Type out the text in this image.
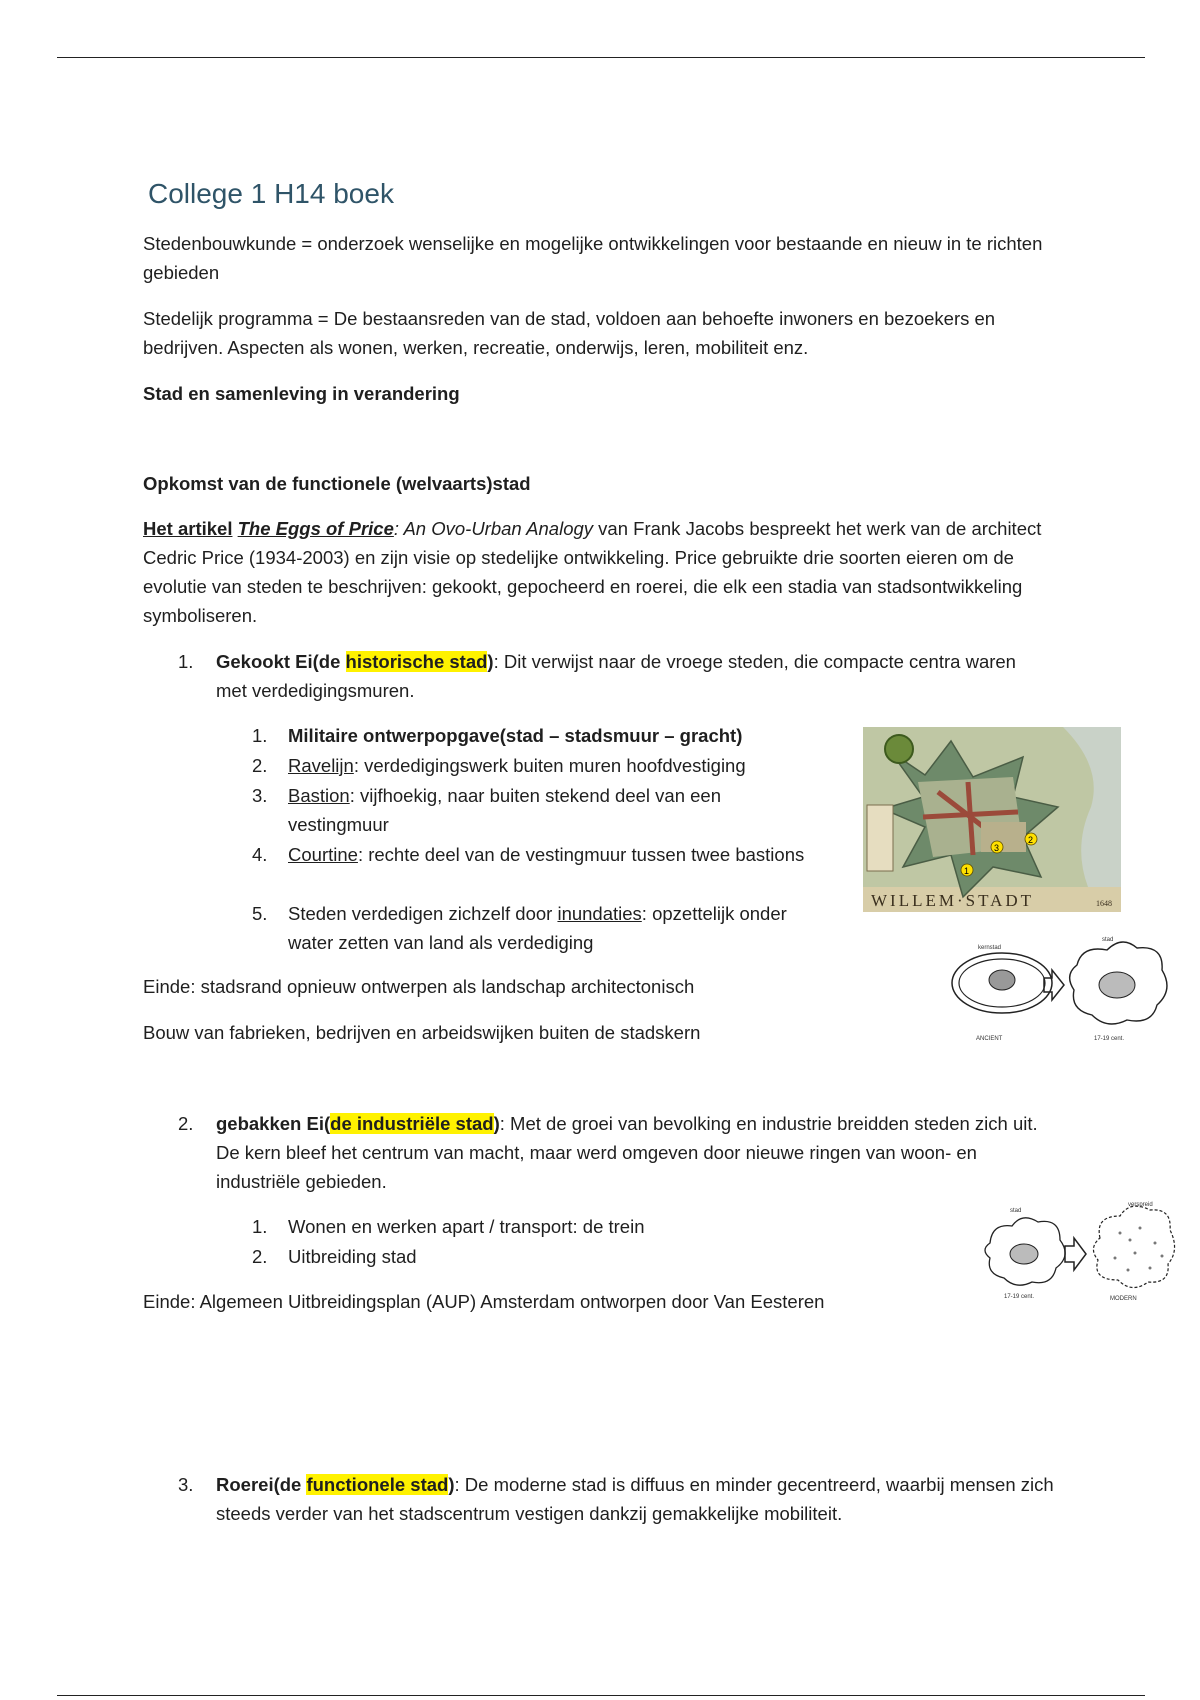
College 1 H14 boek

Stedenbouwkunde = onderzoek wenselijke en mogelijke ontwikkelingen voor bestaande en nieuw in te richten gebieden

Stedelijk programma = De bestaansreden van de stad, voldoen aan behoefte inwoners en bezoekers en bedrijven. Aspecten als wonen, werken, recreatie, onderwijs, leren, mobiliteit enz.

Stad en samenleving in verandering

Opkomst van de functionele (welvaarts)stad

Het artikel The Eggs of Price: An Ovo-Urban Analogy van Frank Jacobs bespreekt het werk van de architect Cedric Price (1934-2003) en zijn visie op stedelijke ontwikkeling. Price gebruikte drie soorten eieren om de evolutie van steden te beschrijven: gekookt, gepocheerd en roerei, die elk een stadia van stadsontwikkeling symboliseren.

1. Gekookt Ei(de historische stad): Dit verwijst naar de vroege steden, die compacte centra waren met verdedigingsmuren.

1. Militaire ontwerpopgave(stad – stadsmuur – gracht)

2. Ravelijn: verdedigingswerk buiten muren hoofdvestiging

3. Bastion: vijfhoekig, naar buiten stekend deel van een vestingmuur

4. Courtine: rechte deel van de vestingmuur tussen twee bastions

5. Steden verdedigen zichzelf door inundaties: opzettelijk onder water zetten van land als verdediging

Einde: stadsrand opnieuw ontwerpen als landschap architectonisch

Bouw van fabrieken, bedrijven en arbeidswijken buiten de stadskern

1
3
2
WILLEM·STADT	1648
kernstad
stad
ANCIENT	17-19 cent.
2. gebakken Ei(de industriële stad): Met de groei van bevolking en industrie breidden steden zich uit. De kern bleef het centrum van macht, maar werd omgeven door nieuwe ringen van woon- en industriële gebieden.

1. Wonen en werken apart / transport: de trein

2. Uitbreiding stad

Einde: Algemeen Uitbreidingsplan (AUP) Amsterdam ontworpen door Van Eesteren

stad
verspreid
17-19 cent.	MODERN
3. Roerei(de functionele stad): De moderne stad is diffuus en minder gecentreerd, waarbij mensen zich steeds verder van het stadscentrum vestigen dankzij gemakkelijke mobiliteit.
